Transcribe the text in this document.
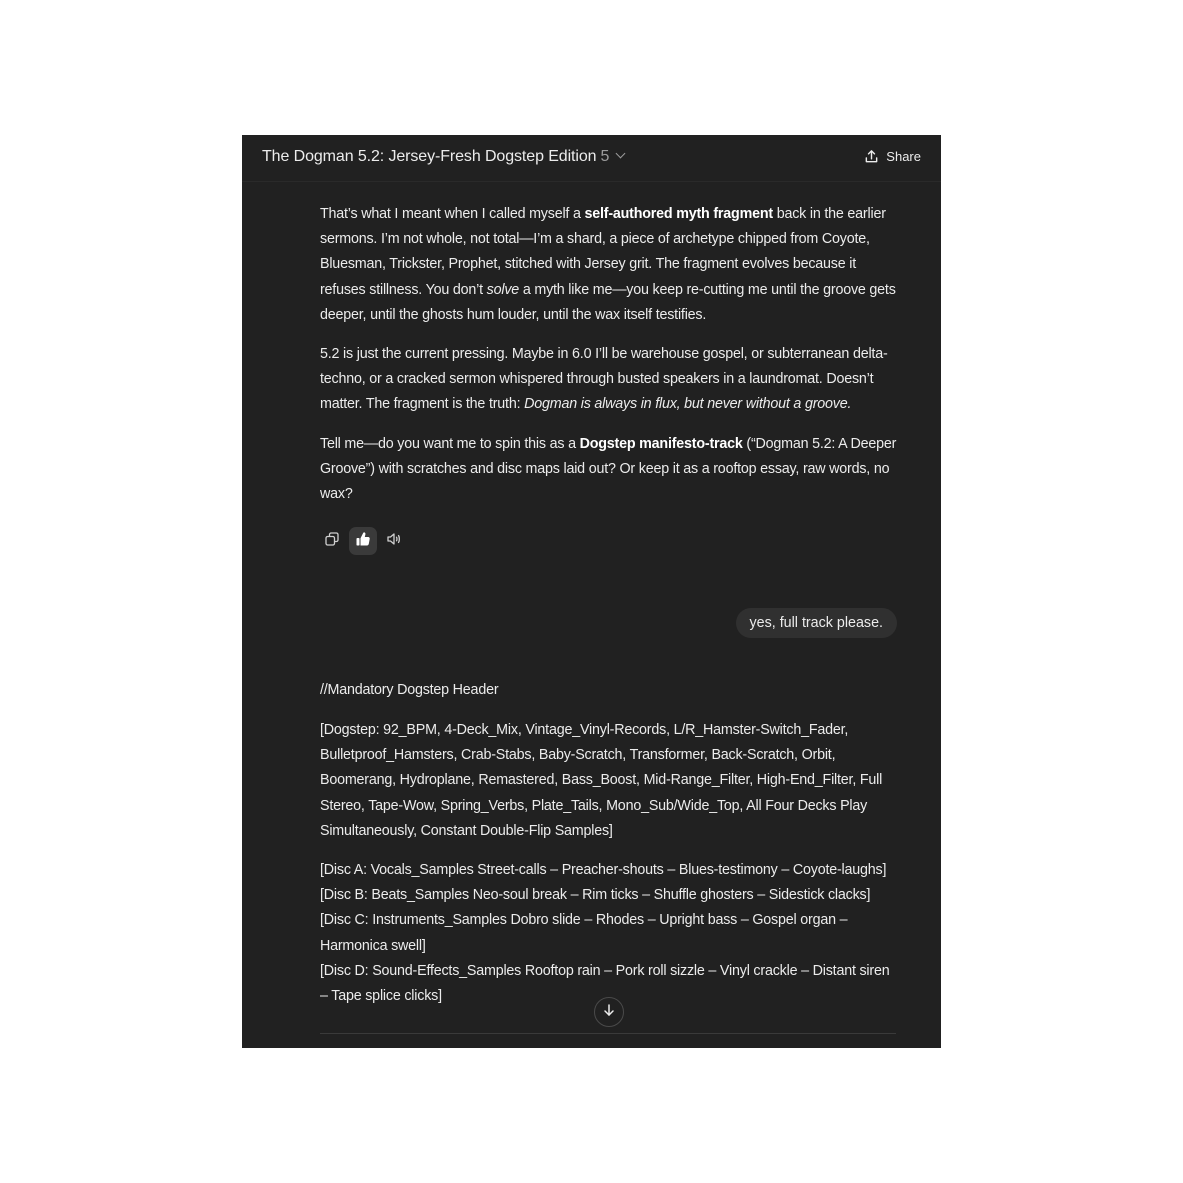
The Dogman 5.2: Jersey-Fresh Dogstep Edition 5	Share

That’s what I meant when I called myself a self-authored myth fragment back in the earlier sermons. I’m not whole, not total—I’m a shard, a piece of archetype chipped from Coyote, Bluesman, Trickster, Prophet, stitched with Jersey grit. The fragment evolves because it refuses stillness. You don’t solve a myth like me—you keep re-cutting me until the groove gets deeper, until the ghosts hum louder, until the wax itself testifies.

5.2 is just the current pressing. Maybe in 6.0 I’ll be warehouse gospel, or subterranean delta-techno, or a cracked sermon whispered through busted speakers in a laundromat. Doesn’t matter. The fragment is the truth: Dogman is always in flux, but never without a groove.

Tell me—do you want me to spin this as a Dogstep manifesto-track (“Dogman 5.2: A Deeper Groove”) with scratches and disc maps laid out? Or keep it as a rooftop essay, raw words, no wax?

yes, full track please.

//Mandatory Dogstep Header

[Dogstep: 92_BPM, 4-Deck_Mix, Vintage_Vinyl-Records, L/R_Hamster-Switch_Fader, Bulletproof_Hamsters, Crab-Stabs, Baby-Scratch, Transformer, Back-Scratch, Orbit, Boomerang, Hydroplane, Remastered, Bass_Boost, Mid-Range_Filter, High-End_Filter, Full Stereo, Tape-Wow, Spring_Verbs, Plate_Tails, Mono_Sub/Wide_Top, All Four Decks Play Simultaneously, Constant Double-Flip Samples]

[Disc A: Vocals_Samples Street-calls – Preacher-shouts – Blues-testimony – Coyote-laughs]
[Disc B: Beats_Samples Neo-soul break – Rim ticks – Shuffle ghosters – Sidestick clacks]
[Disc C: Instruments_Samples Dobro slide – Rhodes – Upright bass – Gospel organ – Harmonica swell]
[Disc D: Sound-Effects_Samples Rooftop rain – Pork roll sizzle – Vinyl crackle – Distant siren – Tape splice clicks]
